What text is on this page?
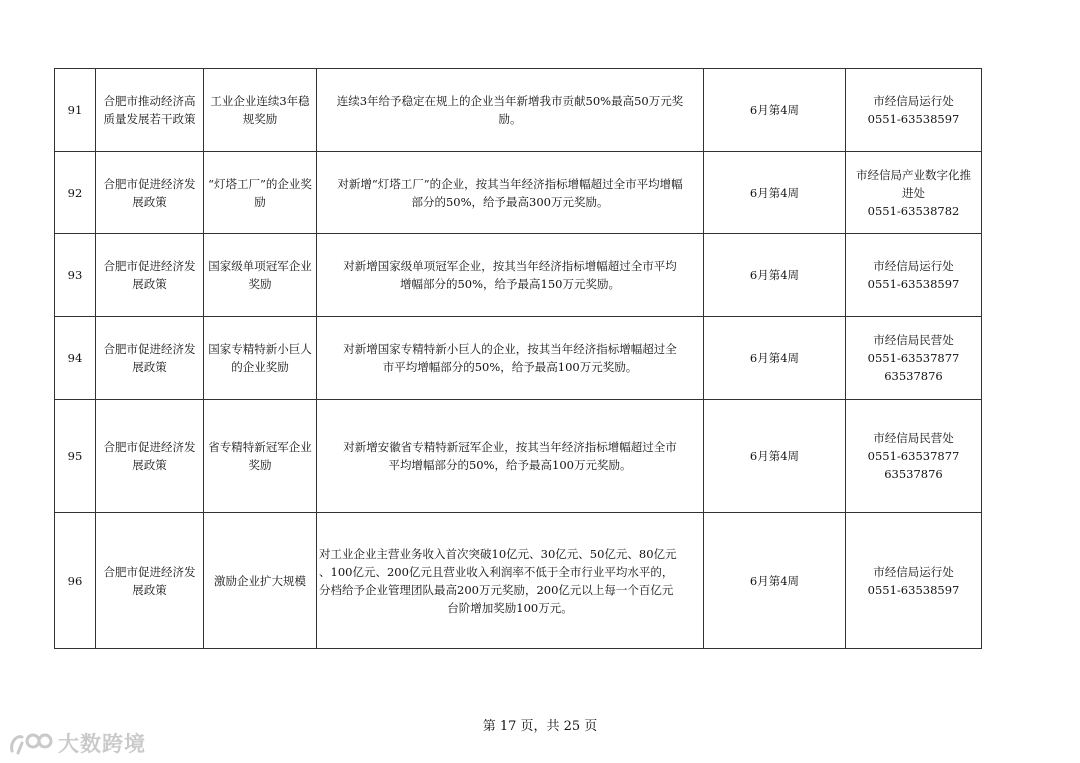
91	合肥市推动经济高质量发展若干政策	工业企业连续3年稳规奖励	连续3年给予稳定在规上的企业当年新增我市贡献50%最高50万元奖
励。	6月第4周	市经信局运行处
0551-63538597

92	合肥市促进经济发展政策	“灯塔工厂”的企业奖励	对新增“灯塔工厂”的企业，按其当年经济指标增幅超过全市平均增幅
部分的50%，给予最高300万元奖励。	6月第4周	市经信局产业数字化推
进处
0551-63538782

93	合肥市促进经济发展政策	国家级单项冠军企业奖励	对新增国家级单项冠军企业，按其当年经济指标增幅超过全市平均
增幅部分的50%，给予最高150万元奖励。	6月第4周	市经信局运行处
0551-63538597

94	合肥市促进经济发展政策	国家专精特新小巨人的企业奖励	对新增国家专精特新小巨人的企业，按其当年经济指标增幅超过全
市平均增幅部分的50%，给予最高100万元奖励。	6月第4周	市经信局民营处
0551-63537877
63537876

95	合肥市促进经济发展政策	省专精特新冠军企业奖励	对新增安徽省专精特新冠军企业，按其当年经济指标增幅超过全市
平均增幅部分的50%，给予最高100万元奖励。	6月第4周	市经信局民营处
0551-63537877
63537876

96	合肥市促进经济发展政策	激励企业扩大规模	对工业企业主营业务收入首次突破10亿元、30亿元、50亿元、80亿元
、100亿元、200亿元且营业收入利润率不低于全市行业平均水平的，
分档给予企业管理团队最高200万元奖励，200亿元以上每一个百亿元
台阶增加奖励100万元。	6月第4周	市经信局运行处
0551-63538597
第 17 页，共 25 页
大数跨境
